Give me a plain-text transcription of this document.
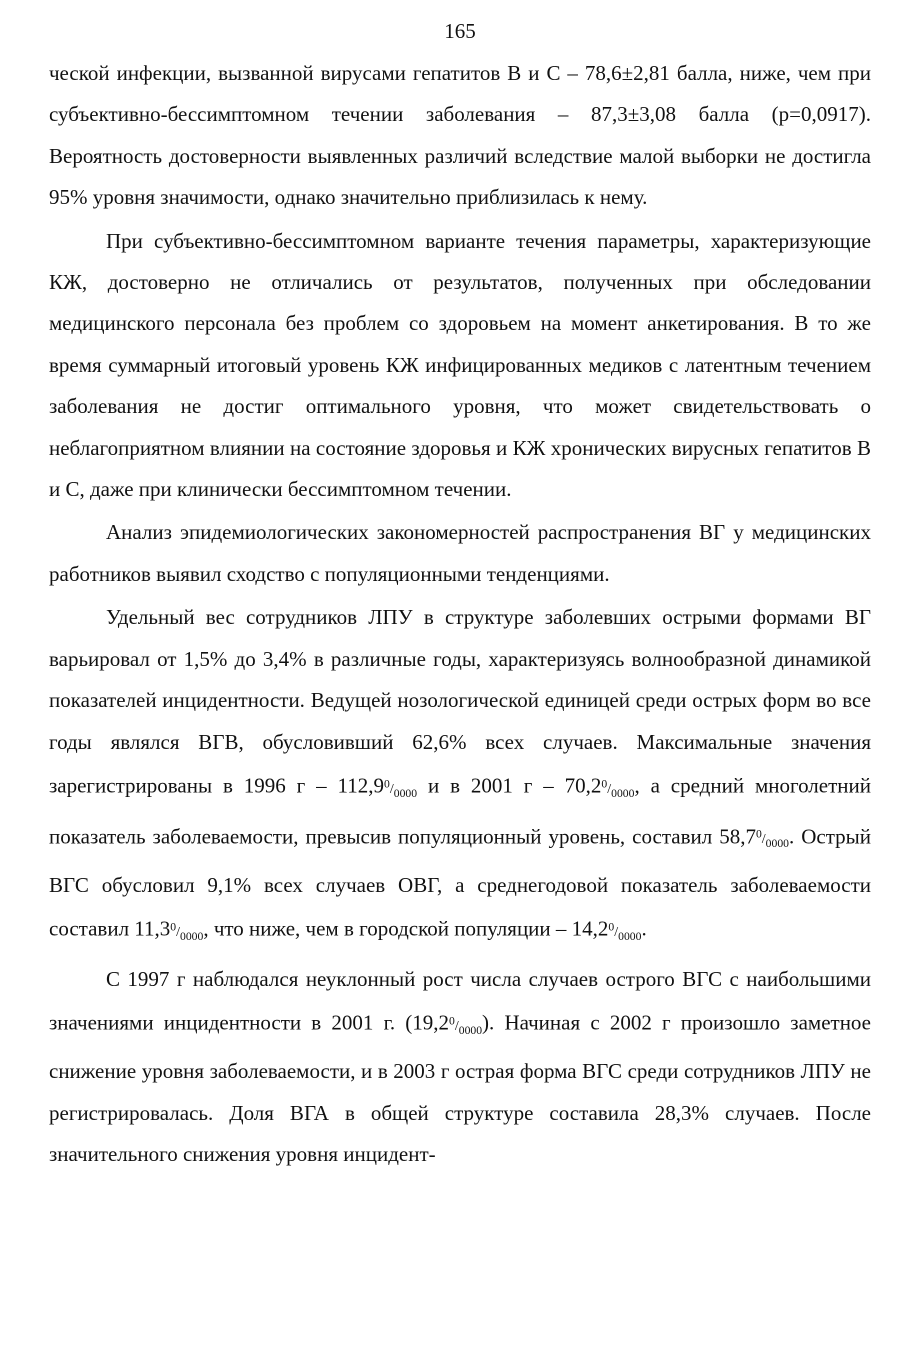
165

ческой инфекции, вызванной вирусами гепатитов В и С – 78,6±2,81 балла, ниже, чем при субъективно-бессимптомном течении заболевания – 87,3±3,08 балла (р=0,0917). Вероятность достоверности выявленных различий вследствие малой выборки не достигла 95% уровня значимости, однако значительно приблизилась к нему.

При субъективно-бессимптомном варианте течения параметры, характеризующие КЖ, достоверно не отличались от результатов, полученных при обследовании медицинского персонала без проблем со здоровьем на момент анкетирования. В то же время суммарный итоговый уровень КЖ инфицированных медиков с латентным течением заболевания не достиг оптимального уровня, что может свидетельствовать о неблагоприятном влиянии на состояние здоровья и КЖ хронических вирусных гепатитов В и С, даже при клинически бессимптомном течении.

Анализ эпидемиологических закономерностей распространения ВГ у медицинских работников выявил сходство с популяционными тенденциями.

Удельный вес сотрудников ЛПУ в структуре заболевших острыми формами ВГ варьировал от 1,5% до 3,4% в различные годы, характеризуясь волнообразной динамикой показателей инцидентности. Ведущей нозологической единицей среди острых форм во все годы являлся ВГВ, обусловивший 62,6% всех случаев. Максимальные значения зарегистрированы в 1996 г – $112,9^0/_{0000}$ и в 2001 г – $70,2^0/_{0000}$, а средний многолетний показатель заболеваемости, превысив популяционный уровень, составил $58,7^0/_{0000}$. Острый ВГС обусловил 9,1% всех случаев ОВГ, а среднегодовой показатель заболеваемости составил $11,3^0/_{0000}$, что ниже, чем в городской популяции – $14,2^0/_{0000}$.

С 1997 г наблюдался неуклонный рост числа случаев острого ВГС с наибольшими значениями инцидентности в 2001 г. $(19,2^0/_{0000})$. Начиная с 2002 г произошло заметное снижение уровня заболеваемости, и в 2003 г острая форма ВГС среди сотрудников ЛПУ не регистрировалась. Доля ВГА в общей структуре составила 28,3% случаев. После значительного снижения уровня инцидент-
